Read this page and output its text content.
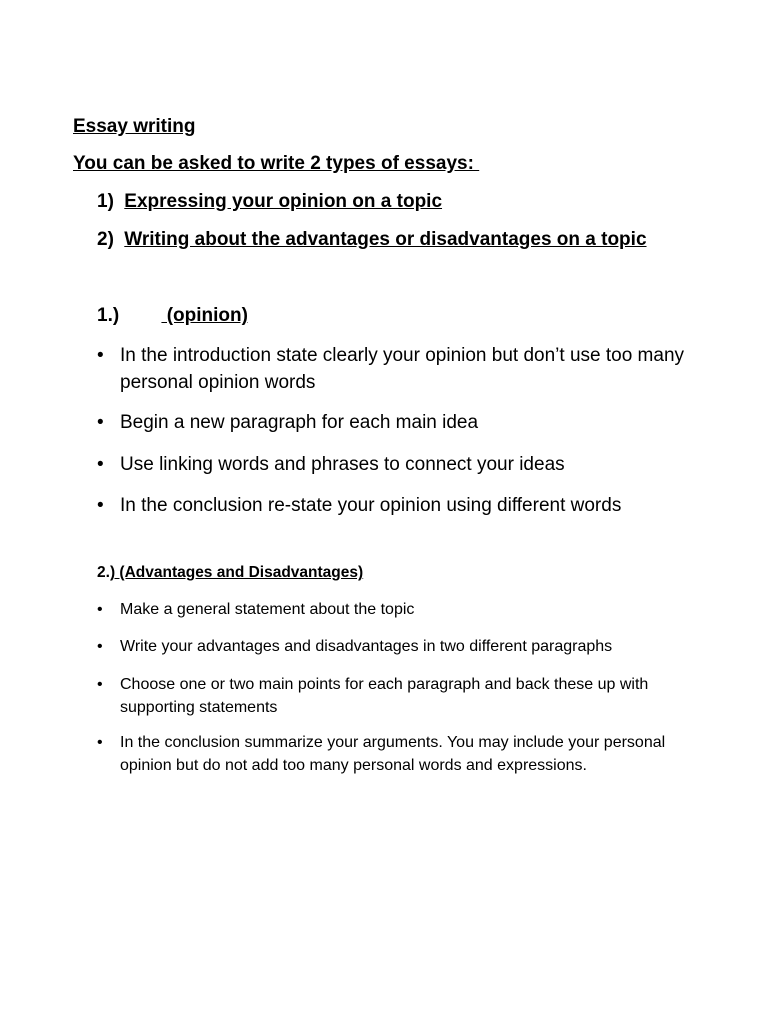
Essay writing
You can be asked to write 2 types of essays:
1) Expressing your opinion on a topic
2) Writing about the advantages or disadvantages on a topic
1.)         (opinion)
• In the introduction state clearly your opinion but don’t use too many personal opinion words
• Begin a new paragraph for each main idea
• Use linking words and phrases to connect your ideas
• In the conclusion re-state your opinion using different words
2.) (Advantages and Disadvantages)
•	Make a general statement about the topic
•	Write your advantages and disadvantages in two different paragraphs
•	Choose one or two main points for each paragraph and back these up with supporting statements
•	In the conclusion summarize your arguments. You may include your personal opinion but do not add too many personal words and expressions.
